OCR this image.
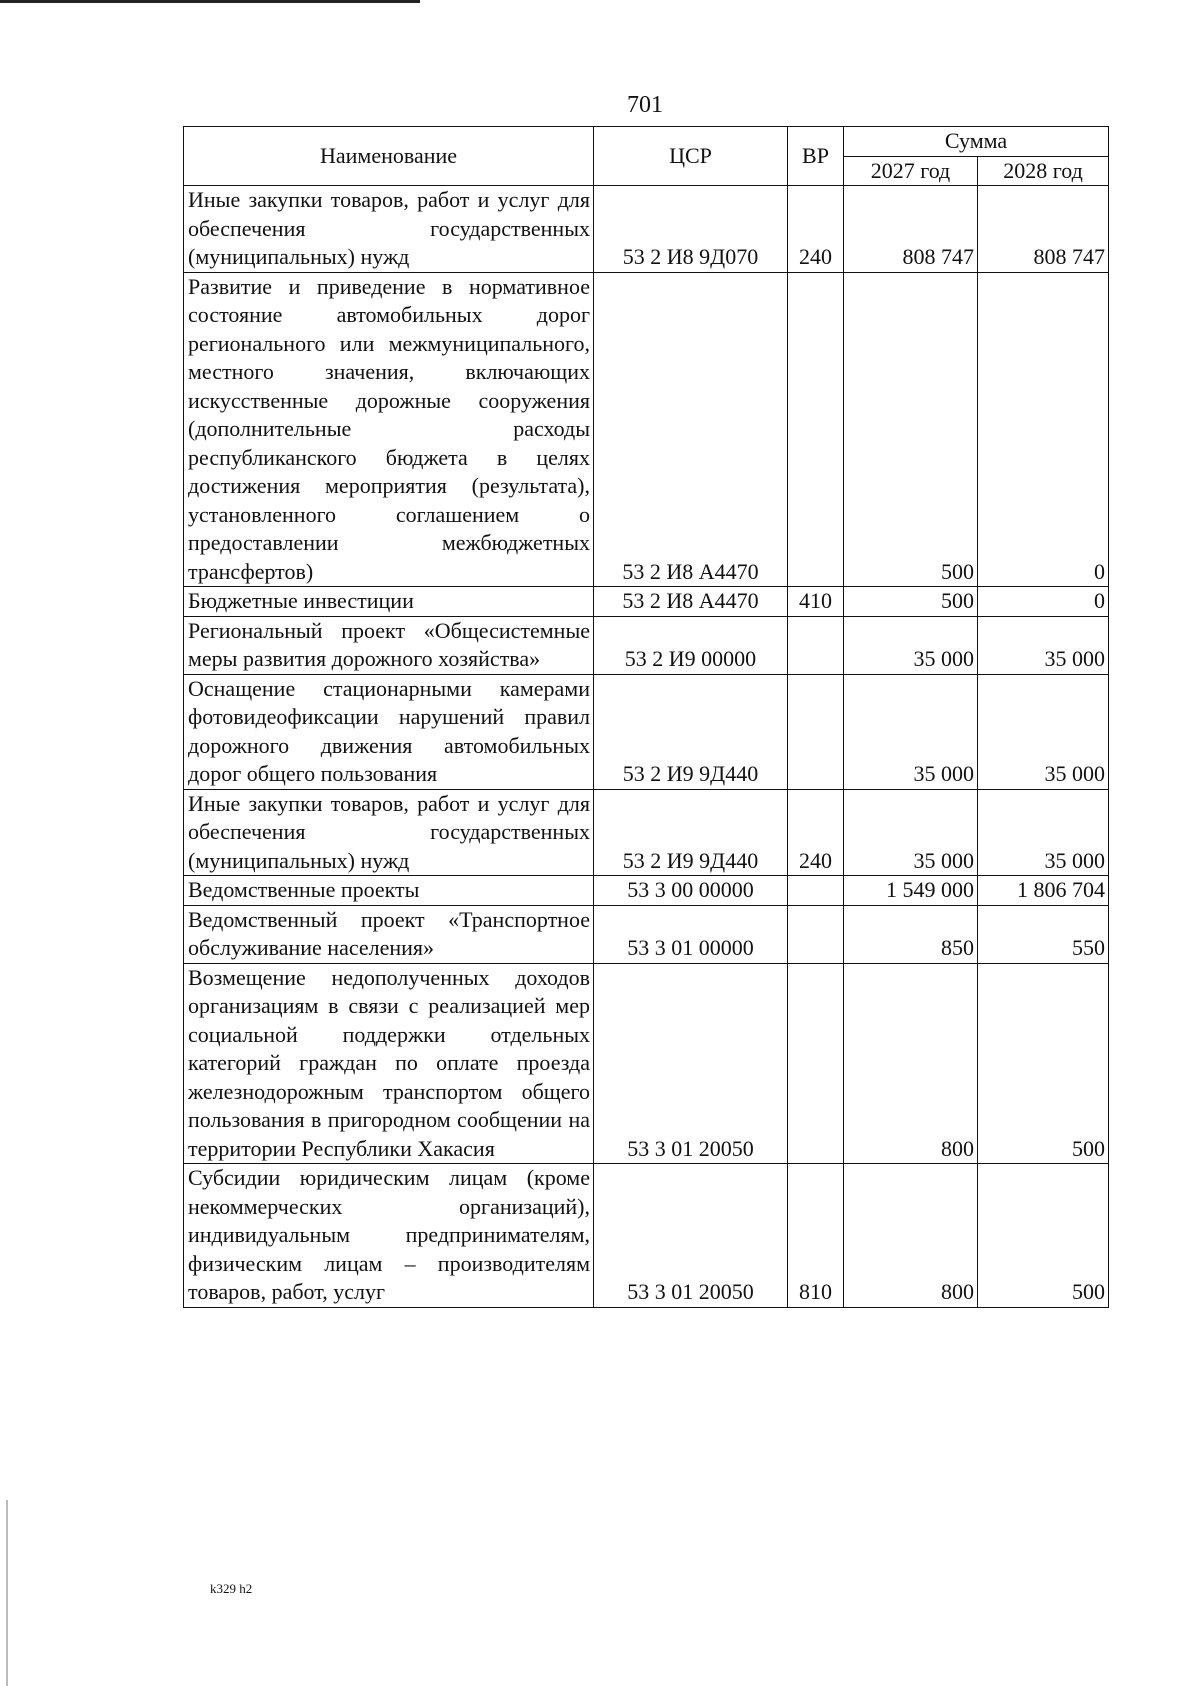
701
Наименование	ЦСР	ВР	Сумма	
			2027 год	2028 год
Иные закупки товаров, работ и услуг для обеспечения государственных (муниципальных) нужд	53 2 И8 9Д070	240	808 747	808 747
Развитие и приведение в нормативное состояние автомобильных дорог регионального или межмуниципального, местного значения, включающих искусственные дорожные сооружения (дополнительные расходы республиканского бюджета в целях достижения мероприятия (результата), установленного соглашением о предоставлении межбюджетных трансфертов)	53 2 И8 А4470		500	0
Бюджетные инвестиции	53 2 И8 А4470	410	500	0
Региональный проект «Общесистемные меры развития дорожного хозяйства»	53 2 И9 00000		35 000	35 000
Оснащение стационарными камерами фотовидеофиксации нарушений правил дорожного движения автомобильных дорог общего пользования	53 2 И9 9Д440		35 000	35 000
Иные закупки товаров, работ и услуг для обеспечения государственных (муниципальных) нужд	53 2 И9 9Д440	240	35 000	35 000
Ведомственные проекты	53 3 00 00000		1 549 000	1 806 704
Ведомственный проект «Транспортное обслуживание населения»	53 3 01 00000		850	550
Возмещение недополученных доходов организациям в связи с реализацией мер социальной поддержки отдельных категорий граждан по оплате проезда железнодорожным транспортом общего пользования в пригородном сообщении на территории Республики Хакасия	53 3 01 20050		800	500
Субсидии юридическим лицам (кроме некоммерческих организаций), индивидуальным предпринимателям, физическим лицам – производителям товаров, работ, услуг	53 3 01 20050	810	800	500
k329 h2
